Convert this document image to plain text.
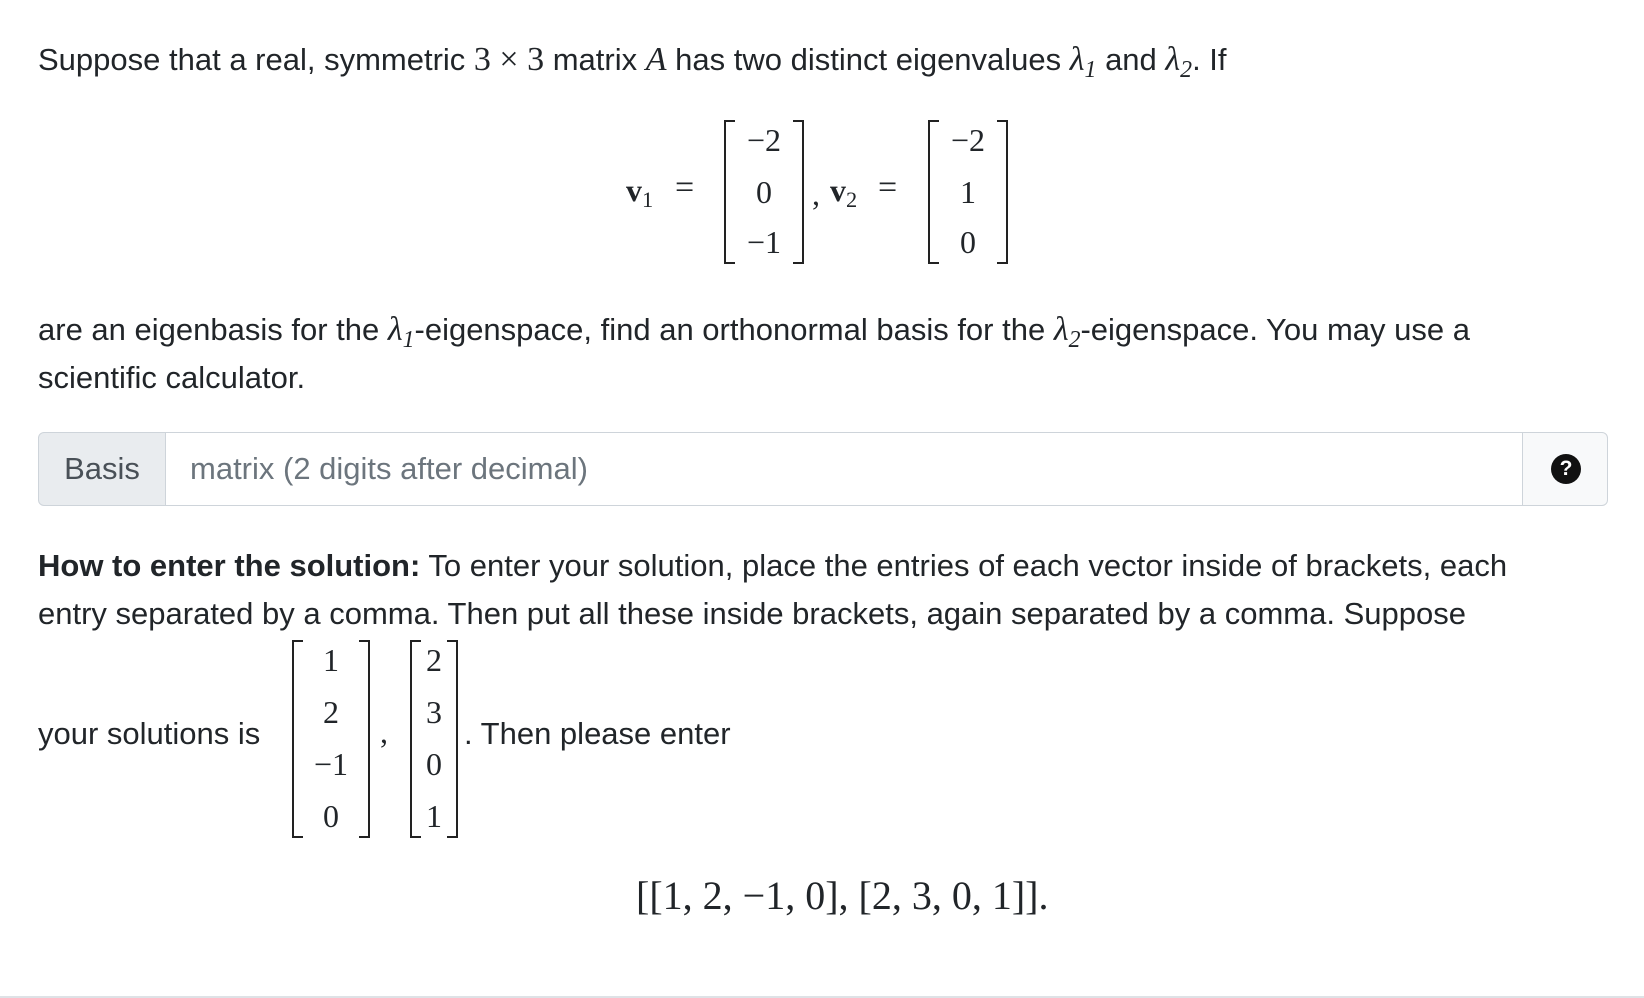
Suppose that a real, symmetric 3 × 3 matrix A has two distinct eigenvalues λ1 and λ2. If
v1 =
−2
0
−1
, v2 =
−2
1
0
are an eigenbasis for the λ1-eigenspace, find an orthonormal basis for the λ2-eigenspace. You may use a
scientific calculator.
Basis
matrix (2 digits after decimal)	?
How to enter the solution: To enter your solution, place the entries of each vector inside of brackets, each
entry separated by a comma. Then put all these inside brackets, again separated by a comma. Suppose
your solutions is
1
2
−1
0
,
2
3
0
1
. Then please enter
[[1, 2, −1, 0], [2, 3, 0, 1]].
